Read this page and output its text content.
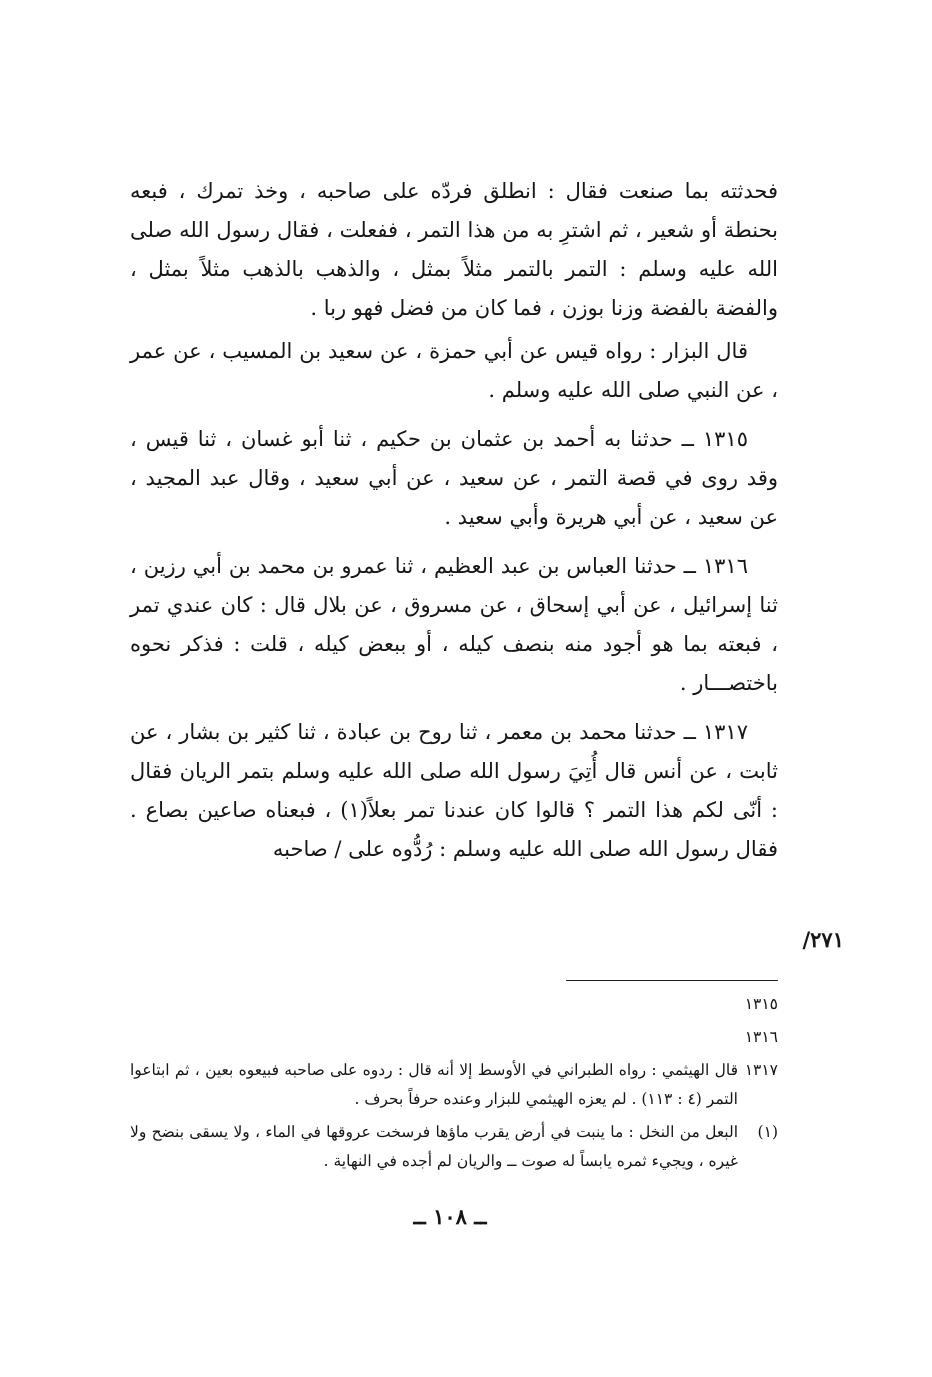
فحدثته بما صنعت فقال : انطلق فردّه على صاحبه ، وخذ تمرك ، فبعه بحنطة أو شعير ، ثم اشترِ به من هذا التمر ، ففعلت ، فقال رسول الله صلى الله عليه وسلم : التمر بالتمر مثلاً بمثل ، والذهب بالذهب مثلاً بمثل ، والفضة بالفضة وزنا بوزن ، فما كان من فضل فهو ربا .

قال البزار : رواه قيس عن أبي حمزة ، عن سعيد بن المسيب ، عن عمر ، عن النبي صلى الله عليه وسلم .

١٣١٥ ــ حدثنا به أحمد بن عثمان بن حكيم ، ثنا أبو غسان ، ثنا قيس ، وقد روى في قصة التمر ، عن سعيد ، عن أبي سعيد ، وقال عبد المجيد ، عن سعيد ، عن أبي هريرة وأبي سعيد .

١٣١٦ ــ حدثنا العباس بن عبد العظيم ، ثنا عمرو بن محمد بن أبي رزين ، ثنا إسرائيل ، عن أبي إسحاق ، عن مسروق ، عن بلال قال : كان عندي تمر ، فبعته بما هو أجود منه بنصف كيله ، أو ببعض كيله ، قلت : فذكر نحوه باختصـــار .

١٣١٧ ــ حدثنا محمد بن معمر ، ثنا روح بن عبادة ، ثنا كثير بن بشار ، عن ثابت ، عن أنس قال أُتِيَ رسول الله صلى الله عليه وسلم بتمر الريان فقال : أنّى لكم هذا التمر ؟ قالوا كان عندنا تمر بعلاً(١) ، فبعناه صاعين بصاع . فقال رسول الله صلى الله عليه وسلم : رُدُّوه على / صاحبه

٢٧١/
١٣١٥
١٣١٦
١٣١٧
قال الهيثمي : رواه الطبراني في الأوسط إلا أنه قال : ردوه على صاحبه فبيعوه بعين ، ثم ابتاعوا التمر (٤ : ١١٣) . لم يعزه الهيثمي للبزار وعنده حرفاً بحرف .
(١)
البعل من النخل : ما ينبت في أرض يقرب ماؤها فرسخت عروقها في الماء ، ولا يسقى بنضح ولا غيره ، ويجيء ثمره يابساً له صوت ــ والريان لم أجده في النهاية .
ــ ١٠٨ ــ
